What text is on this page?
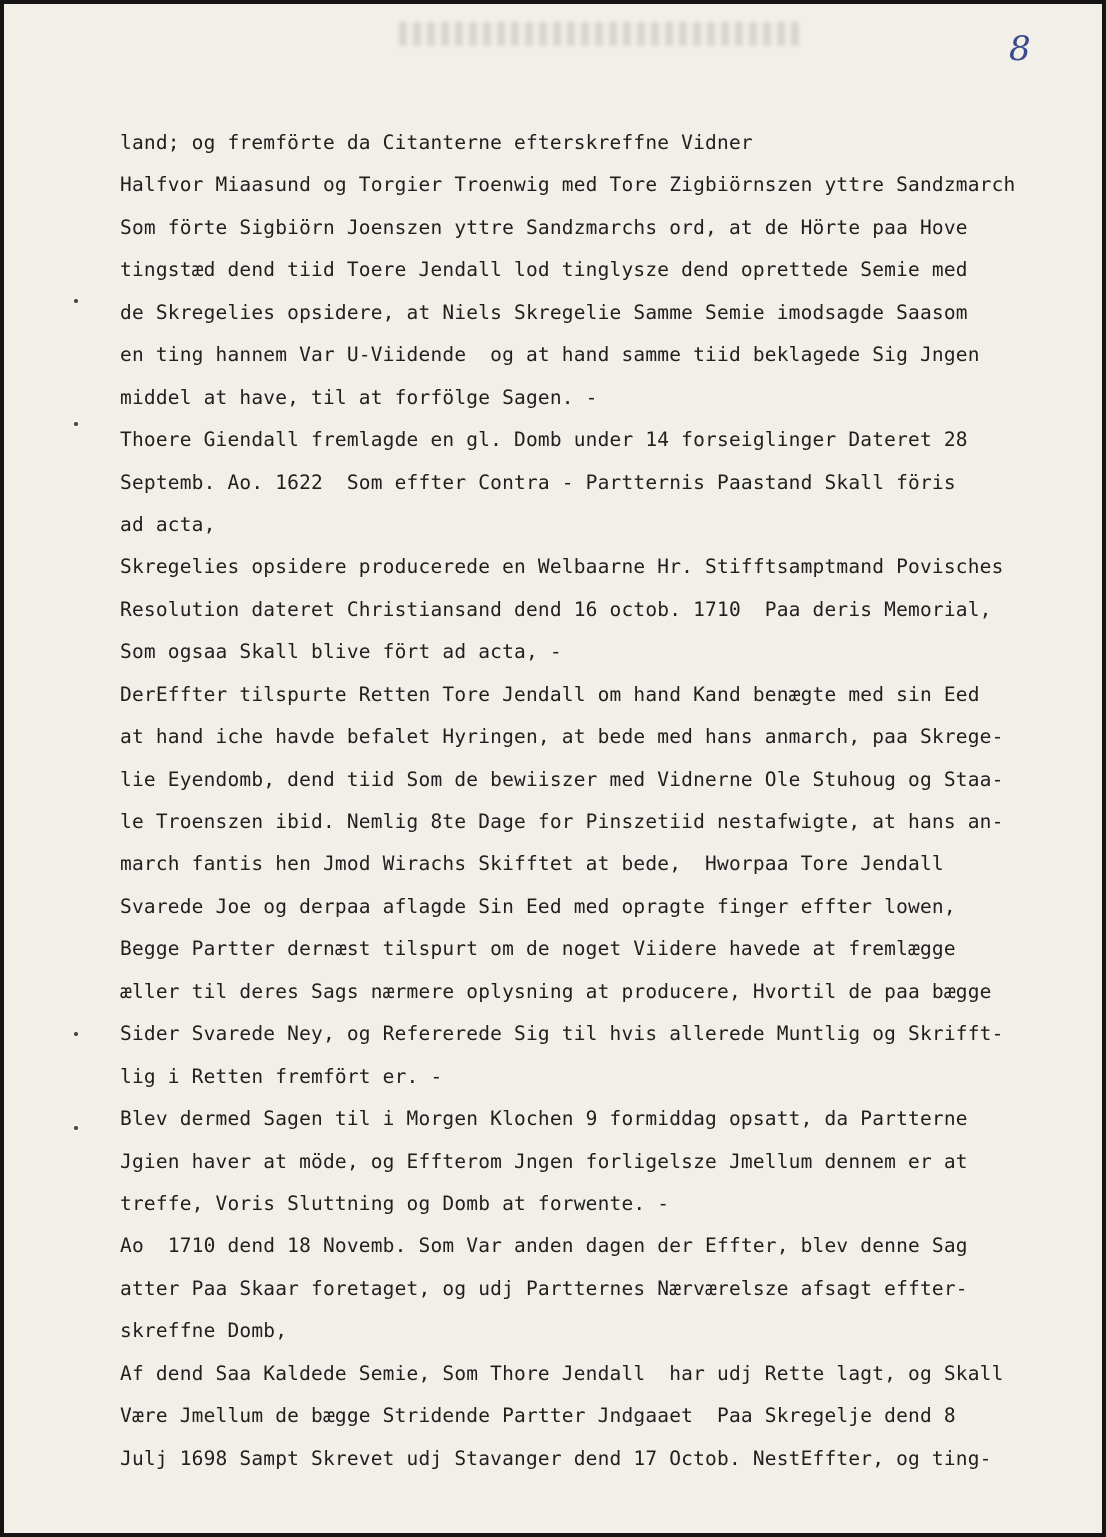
8
land; og fremförte da Citanterne efterskreffne Vidner
Halfvor Miaasund og Torgier Troenwig med Tore Zigbiörnszen yttre Sandzmarch
Som förte Sigbiörn Joenszen yttre Sandzmarchs ord, at de Hörte paa Hove
tingstæd dend tiid Toere Jendall lod tinglysze dend oprettede Semie med
de Skregelies opsidere, at Niels Skregelie Samme Semie imodsagde Saasom
en ting hannem Var U-Viidende  og at hand samme tiid beklagede Sig Jngen
middel at have, til at forfölge Sagen. -
Thoere Giendall fremlagde en gl. Domb under 14 forseiglinger Dateret 28
Septemb. Ao. 1622  Som effter Contra - Partternis Paastand Skall föris
ad acta,
Skregelies opsidere producerede en Welbaarne Hr. Stifftsamptmand Povisches
Resolution dateret Christiansand dend 16 octob. 1710  Paa deris Memorial,
Som ogsaa Skall blive fört ad acta, -
DerEffter tilspurte Retten Tore Jendall om hand Kand benægte med sin Eed
at hand iche havde befalet Hyringen, at bede med hans anmarch, paa Skrege-
lie Eyendomb, dend tiid Som de bewiiszer med Vidnerne Ole Stuhoug og Staa-
le Troenszen ibid. Nemlig 8te Dage for Pinszetiid nestafwigte, at hans an-
march fantis hen Jmod Wirachs Skifftet at bede,  Hworpaa Tore Jendall
Svarede Joe og derpaa aflagde Sin Eed med opragte finger effter lowen,
Begge Partter dernæst tilspurt om de noget Viidere havede at fremlægge
æller til deres Sags nærmere oplysning at producere, Hvortil de paa bægge
Sider Svarede Ney, og Refererede Sig til hvis allerede Muntlig og Skrifft-
lig i Retten fremfört er. -
Blev dermed Sagen til i Morgen Klochen 9 formiddag opsatt, da Partterne
Jgien haver at möde, og Effterom Jngen forligelsze Jmellum dennem er at
treffe, Voris Sluttning og Domb at forwente. -
Ao  1710 dend 18 Novemb. Som Var anden dagen der Effter, blev denne Sag
atter Paa Skaar foretaget, og udj Partternes Nærværelsze afsagt effter-
skreffne Domb,
Af dend Saa Kaldede Semie, Som Thore Jendall  har udj Rette lagt, og Skall
Være Jmellum de bægge Stridende Partter Jndgaaet  Paa Skregelje dend 8
Julj 1698 Sampt Skrevet udj Stavanger dend 17 Octob. NestEffter, og ting-
